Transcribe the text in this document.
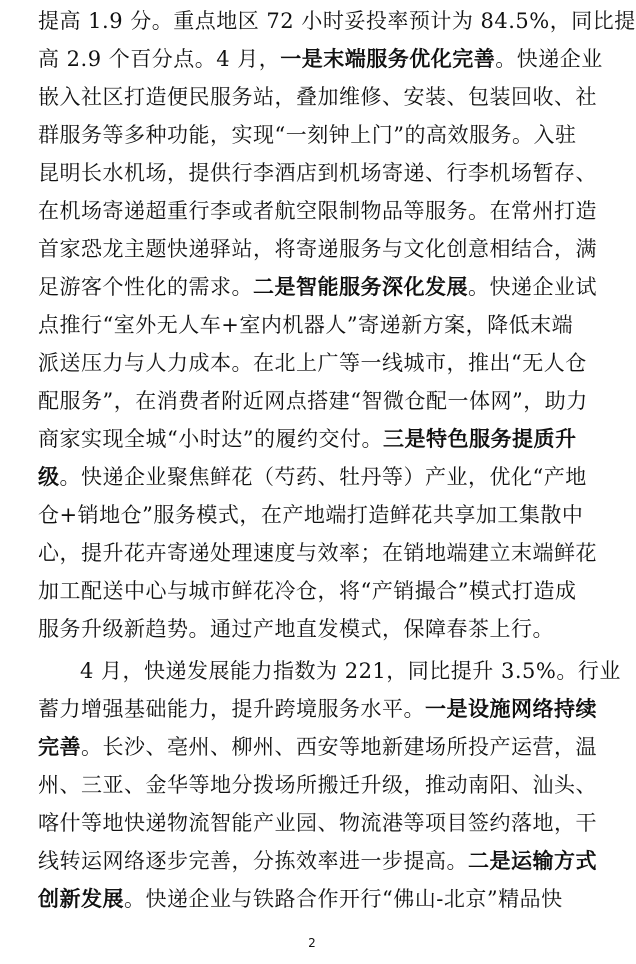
提高 1.9 分。重点地区 72 小时妥投率预计为 84.5%，同比提
高 2.9 个百分点。4 月，一是末端服务优化完善。快递企业
嵌入社区打造便民服务站，叠加维修、安装、包装回收、社
群服务等多种功能，实现“一刻钟上门”的高效服务。入驻
昆明长水机场，提供行李酒店到机场寄递、行李机场暂存、
在机场寄递超重行李或者航空限制物品等服务。在常州打造
首家恐龙主题快递驿站，将寄递服务与文化创意相结合，满
足游客个性化的需求。二是智能服务深化发展。快递企业试
点推行“室外无人车+室内机器人”寄递新方案，降低末端
派送压力与人力成本。在北上广等一线城市，推出“无人仓
配服务”，在消费者附近网点搭建“智微仓配一体网”，助力
商家实现全城“小时达”的履约交付。三是特色服务提质升
级。快递企业聚焦鲜花（芍药、牡丹等）产业，优化“产地
仓+销地仓”服务模式，在产地端打造鲜花共享加工集散中
心，提升花卉寄递处理速度与效率；在销地端建立末端鲜花
加工配送中心与城市鲜花冷仓，将“产销撮合”模式打造成
服务升级新趋势。通过产地直发模式，保障春茶上行。
4 月，快递发展能力指数为 221，同比提升 3.5%。行业
蓄力增强基础能力，提升跨境服务水平。一是设施网络持续
完善。长沙、亳州、柳州、西安等地新建场所投产运营，温
州、三亚、金华等地分拨场所搬迁升级，推动南阳、汕头、
喀什等地快递物流智能产业园、物流港等项目签约落地，干
线转运网络逐步完善，分拣效率进一步提高。二是运输方式
创新发展。快递企业与铁路合作开行“佛山-北京”精品快
2
